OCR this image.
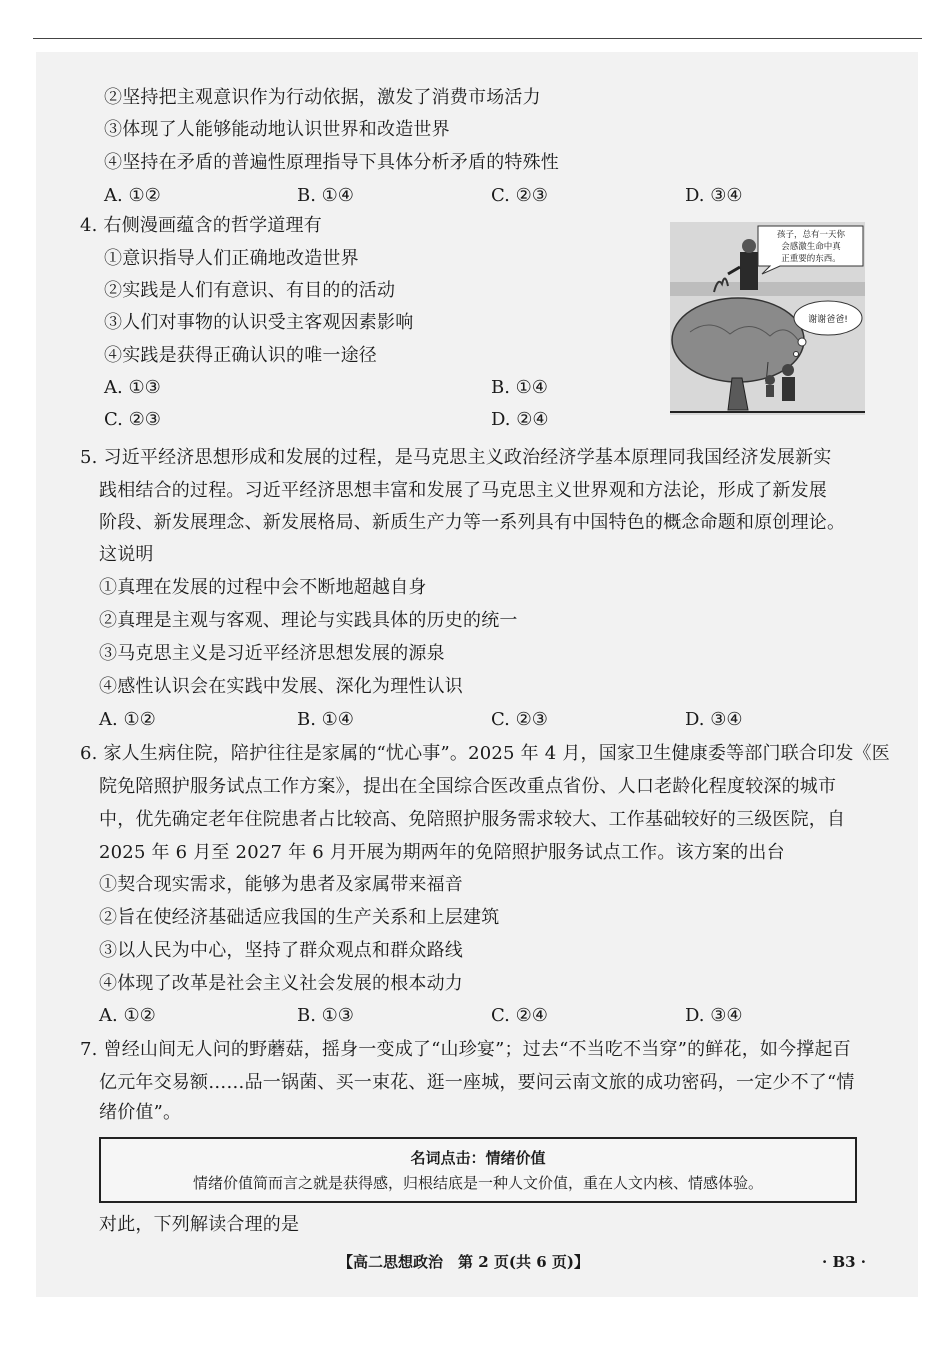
②坚持把主观意识作为行动依据，激发了消费市场活力
③体现了人能够能动地认识世界和改造世界
④坚持在矛盾的普遍性原理指导下具体分析矛盾的特殊性
A. ①②	B. ①④	C. ②③	D. ③④
4. 右侧漫画蕴含的哲学道理有
①意识指导人们正确地改造世界
②实践是人们有意识、有目的的活动
③人们对事物的认识受主客观因素影响
④实践是获得正确认识的唯一途径
A. ①③	B. ①④
C. ②③	D. ②④
孩子，总有一天你
会感激生命中真
正重要的东西。
谢谢爸爸!
5. 习近平经济思想形成和发展的过程，是马克思主义政治经济学基本原理同我国经济发展新实
践相结合的过程。习近平经济思想丰富和发展了马克思主义世界观和方法论，形成了新发展
阶段、新发展理念、新发展格局、新质生产力等一系列具有中国特色的概念命题和原创理论。
这说明
①真理在发展的过程中会不断地超越自身
②真理是主观与客观、理论与实践具体的历史的统一
③马克思主义是习近平经济思想发展的源泉
④感性认识会在实践中发展、深化为理性认识
A. ①②	B. ①④	C. ②③	D. ③④
6. 家人生病住院，陪护往往是家属的“忧心事”。2025 年 4 月，国家卫生健康委等部门联合印发《医
院免陪照护服务试点工作方案》，提出在全国综合医改重点省份、人口老龄化程度较深的城市
中，优先确定老年住院患者占比较高、免陪照护服务需求较大、工作基础较好的三级医院，自
2025 年 6 月至 2027 年 6 月开展为期两年的免陪照护服务试点工作。该方案的出台
①契合现实需求，能够为患者及家属带来福音
②旨在使经济基础适应我国的生产关系和上层建筑
③以人民为中心，坚持了群众观点和群众路线
④体现了改革是社会主义社会发展的根本动力
A. ①②	B. ①③	C. ②④	D. ③④
7. 曾经山间无人问的野蘑菇，摇身一变成了“山珍宴”；过去“不当吃不当穿”的鲜花，如今撑起百
亿元年交易额……品一锅菌、买一束花、逛一座城，要问云南文旅的成功密码，一定少不了“情
绪价值”。
名词点击：情绪价值
情绪价值简而言之就是获得感，归根结底是一种人文价值，重在人文内核、情感体验。
对此，下列解读合理的是
【高二思想政治　第 2 页(共 6 页)】	· B3 ·
